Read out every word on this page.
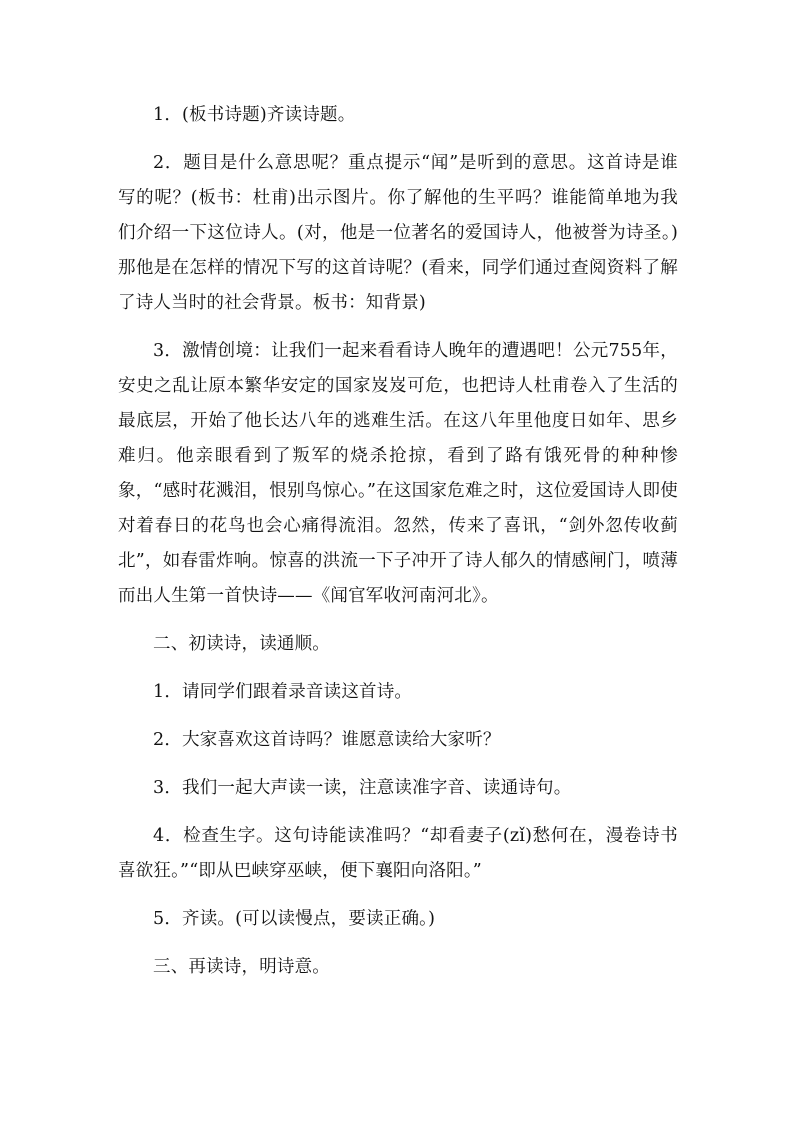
1．(板书诗题)齐读诗题。

2．题目是什么意思呢？重点提示“闻”是听到的意思。这首诗是谁写的呢？(板书：杜甫)出示图片。你了解他的生平吗？谁能简单地为我们介绍一下这位诗人。(对，他是一位著名的爱国诗人，他被誉为诗圣。)那他是在怎样的情况下写的这首诗呢？(看来，同学们通过查阅资料了解了诗人当时的社会背景。板书：知背景)

3．激情创境：让我们一起来看看诗人晚年的遭遇吧！公元755年，安史之乱让原本繁华安定的国家岌岌可危，也把诗人杜甫卷入了生活的最底层，开始了他长达八年的逃难生活。在这八年里他度日如年、思乡难归。他亲眼看到了叛军的烧杀抢掠，看到了路有饿死骨的种种惨象，“感时花溅泪，恨别鸟惊心。”在这国家危难之时，这位爱国诗人即使对着春日的花鸟也会心痛得流泪。忽然，传来了喜讯，“剑外忽传收蓟北”，如春雷炸响。惊喜的洪流一下子冲开了诗人郁久的情感闸门，喷薄而出人生第一首快诗——《闻官军收河南河北》。

二、初读诗，读通顺。

1．请同学们跟着录音读这首诗。

2．大家喜欢这首诗吗？谁愿意读给大家听？

3．我们一起大声读一读，注意读准字音、读通诗句。

4．检查生字。这句诗能读准吗？“却看妻子(zǐ)愁何在，漫卷诗书喜欲狂。”“即从巴峡穿巫峡，便下襄阳向洛阳。”

5．齐读。(可以读慢点，要读正确。)

三、再读诗，明诗意。
